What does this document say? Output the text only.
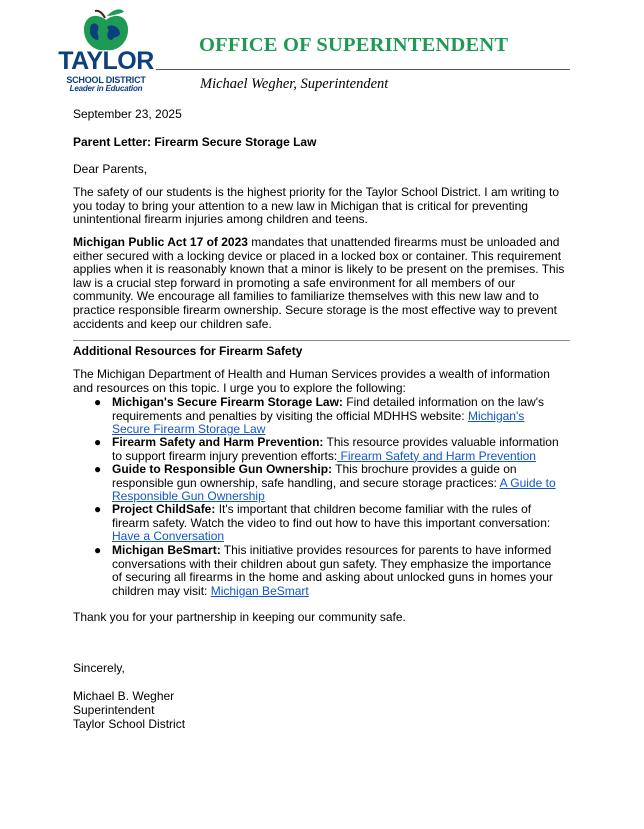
TAYLOR
SCHOOL DISTRICT
Leader in Education
OFFICE OF SUPERINTENDENT
Michael Wegher, Superintendent
September 23, 2025
Parent Letter: Firearm Secure Storage Law
Dear Parents,
The safety of our students is the highest priority for the Taylor School District. I am writing to you today to bring your attention to a new law in Michigan that is critical for preventing unintentional firearm injuries among children and teens.
Michigan Public Act 17 of 2023 mandates that unattended firearms must be unloaded and either secured with a locking device or placed in a locked box or container. This requirement applies when it is reasonably known that a minor is likely to be present on the premises. This law is a crucial step forward in promoting a safe environment for all members of our community. We encourage all families to familiarize themselves with this new law and to practice responsible firearm ownership. Secure storage is the most effective way to prevent accidents and keep our children safe.
Additional Resources for Firearm Safety
The Michigan Department of Health and Human Services provides a wealth of information and resources on this topic. I urge you to explore the following:
● Michigan's Secure Firearm Storage Law: Find detailed information on the law's requirements and penalties by visiting the official MDHHS website: Michigan's Secure Firearm Storage Law
● Firearm Safety and Harm Prevention: This resource provides valuable information to support firearm injury prevention efforts: Firearm Safety and Harm Prevention
● Guide to Responsible Gun Ownership: This brochure provides a guide on responsible gun ownership, safe handling, and secure storage practices: A Guide to Responsible Gun Ownership
● Project ChildSafe: It's important that children become familiar with the rules of firearm safety. Watch the video to find out how to have this important conversation: Have a Conversation
● Michigan BeSmart: This initiative provides resources for parents to have informed conversations with their children about gun safety. They emphasize the importance of securing all firearms in the home and asking about unlocked guns in homes your children may visit: Michigan BeSmart
Thank you for your partnership in keeping our community safe.
Sincerely,
Michael B. Wegher
Superintendent
Taylor School District
